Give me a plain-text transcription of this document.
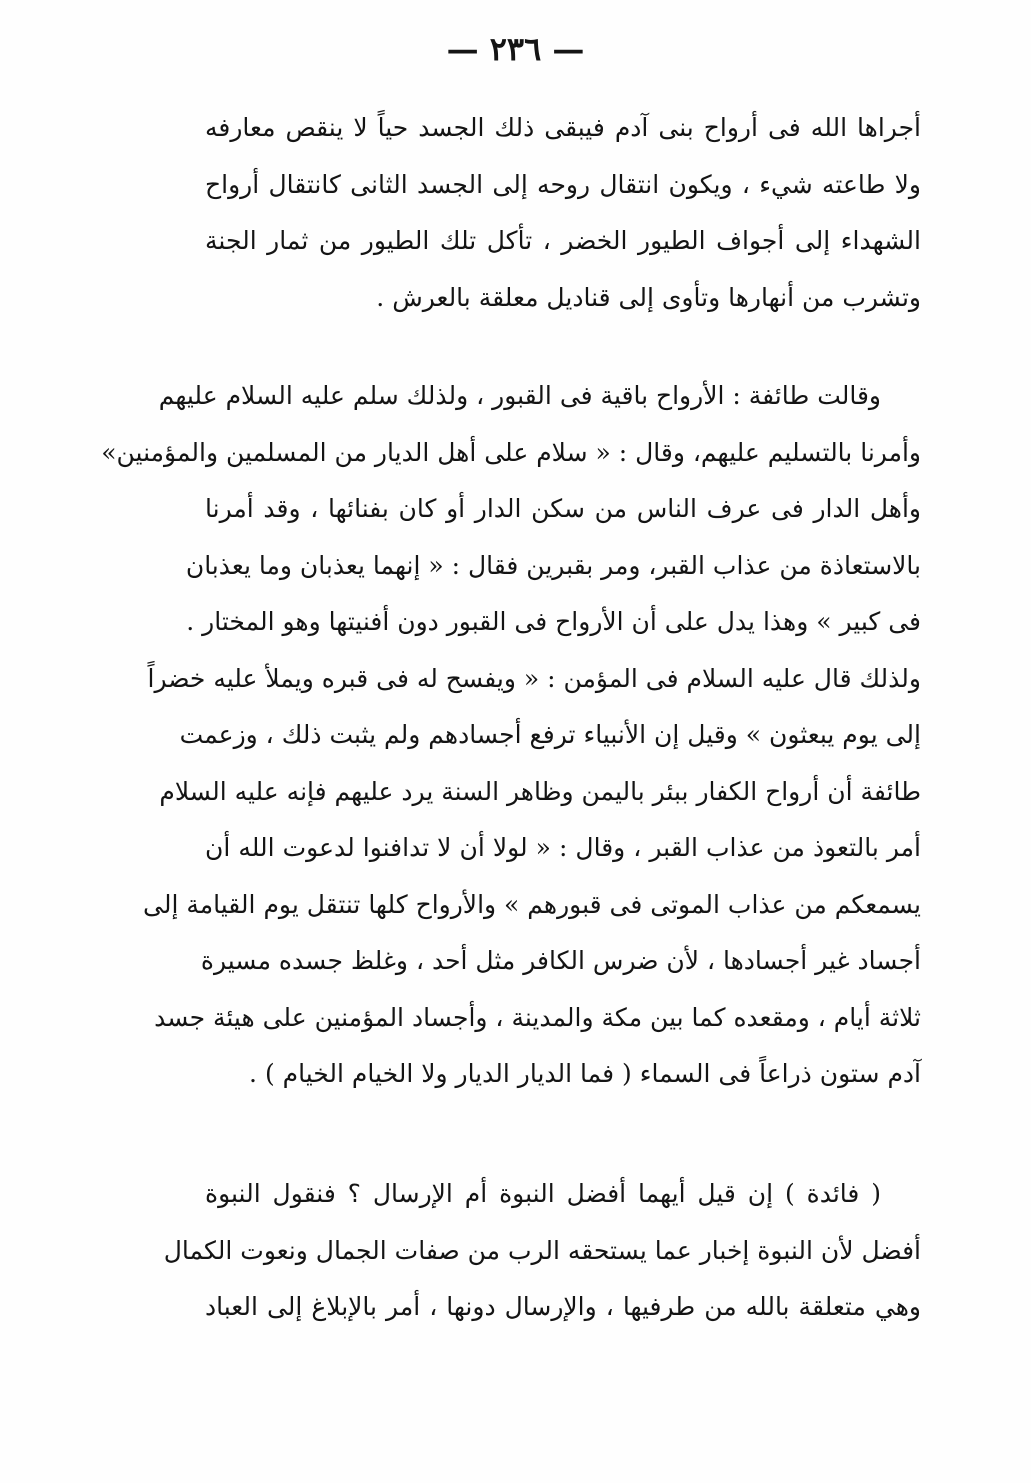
— ٢٣٦ —
أجراها الله فى أرواح بنى آدم فيبقى ذلك الجسد حياً لا ينقص معارفه
ولا طاعته شيء ، ويكون انتقال روحه إلى الجسد الثانى كانتقال أرواح
الشهداء إلى أجواف الطيور الخضر ، تأكل تلك الطيور من ثمار الجنة
وتشرب من أنهارها وتأوى إلى قناديل معلقة بالعرش .
وقالت طائفة : الأرواح باقية فى القبور ، ولذلك سلم عليه السلام عليهم
وأمرنا بالتسليم عليهم، وقال : « سلام على أهل الديار من المسلمين والمؤمنين»
وأهل الدار فى عرف الناس من سكن الدار أو كان بفنائها ، وقد أمرنا
بالاستعاذة من عذاب القبر، ومر بقبرين فقال : « إنهما يعذبان وما يعذبان
فى كبير » وهذا يدل على أن الأرواح فى القبور دون أفنيتها وهو المختار .
ولذلك قال عليه السلام فى المؤمن : « ويفسح له فى قبره ويملأ عليه خضراً
إلى يوم يبعثون » وقيل إن الأنبياء ترفع أجسادهم ولم يثبت ذلك ، وزعمت
طائفة أن أرواح الكفار ببئر باليمن وظاهر السنة يرد عليهم فإنه عليه السلام
أمر بالتعوذ من عذاب القبر ، وقال : « لولا أن لا تدافنوا لدعوت الله أن
يسمعكم من عذاب الموتى فى قبورهم » والأرواح كلها تنتقل يوم القيامة إلى
أجساد غير أجسادها ، لأن ضرس الكافر مثل أحد ، وغلظ جسده مسيرة
ثلاثة أيام ، ومقعده كما بين مكة والمدينة ، وأجساد المؤمنين على هيئة جسد
آدم ستون ذراعاً فى السماء ( فما الديار الديار ولا الخيام الخيام ) .
( فائدة ) إن قيل أيهما أفضل النبوة أم الإرسال ؟ فنقول النبوة
أفضل لأن النبوة إخبار عما يستحقه الرب من صفات الجمال ونعوت الكمال
وهي متعلقة بالله من طرفيها ، والإرسال دونها ، أمر بالإبلاغ إلى العباد
